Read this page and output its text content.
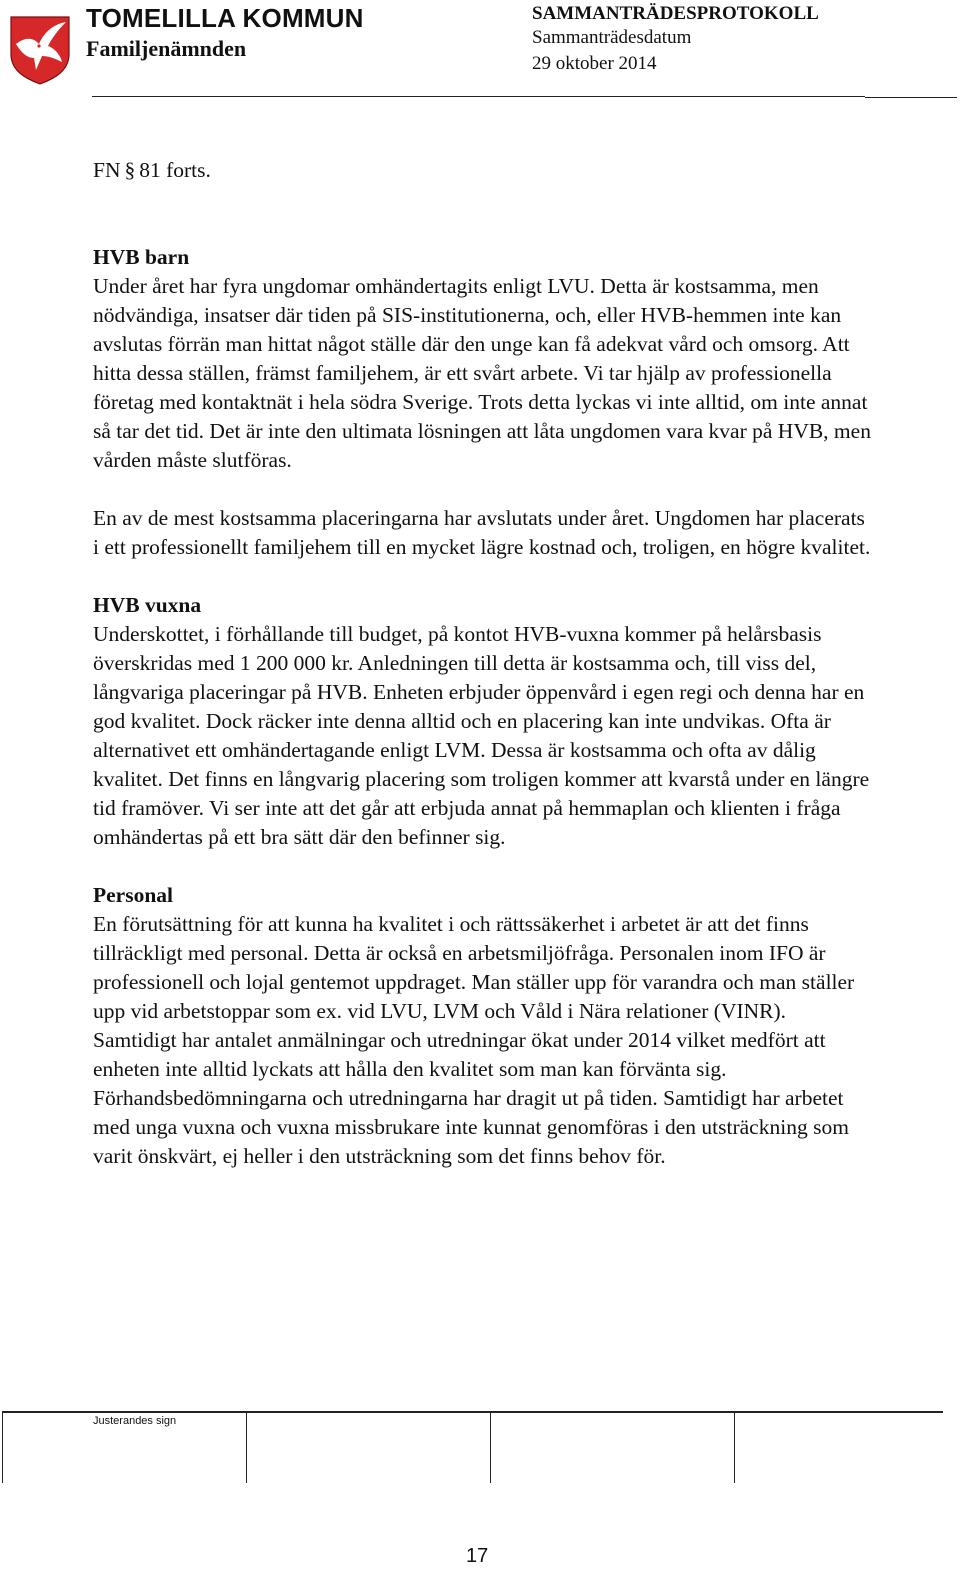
TOMELILLA KOMMUN
Familjenämnden
SAMMANTRÄDESPROTOKOLL
Sammanträdesdatum
29 oktober 2014

FN § 81 forts.

HVB barn

Under året har fyra ungdomar omhändertagits enligt LVU. Detta är kostsamma, men nödvändiga, insatser där tiden på SIS-institutionerna, och, eller HVB-hemmen inte kan avslutas förrän man hittat något ställe där den unge kan få adekvat vård och omsorg. Att hitta dessa ställen, främst familjehem, är ett svårt arbete. Vi tar hjälp av professionella företag med kontaktnät i hela södra Sverige. Trots detta lyckas vi inte alltid, om inte annat så tar det tid. Det är inte den ultimata lösningen att låta ungdomen vara kvar på HVB, men vården måste slutföras.

En av de mest kostsamma placeringarna har avslutats under året. Ungdomen har placerats i ett professionellt familjehem till en mycket lägre kostnad och, troligen, en högre kvalitet.

HVB vuxna

Underskottet, i förhållande till budget, på kontot HVB-vuxna kommer på helårsbasis överskridas med 1 200 000 kr. Anledningen till detta är kostsamma och, till viss del, långvariga placeringar på HVB. Enheten erbjuder öppenvård i egen regi och denna har en god kvalitet. Dock räcker inte denna alltid och en placering kan inte undvikas. Ofta är alternativet ett omhändertagande enligt LVM. Dessa är kostsamma och ofta av dålig kvalitet. Det finns en långvarig placering som troligen kommer att kvarstå under en längre tid framöver. Vi ser inte att det går att erbjuda annat på hemmaplan och klienten i fråga omhändertas på ett bra sätt där den befinner sig.

Personal

En förutsättning för att kunna ha kvalitet i och rättssäkerhet i arbetet är att det finns tillräckligt med personal. Detta är också en arbetsmiljöfråga. Personalen inom IFO är professionell och lojal gentemot uppdraget. Man ställer upp för varandra och man ställer upp vid arbetstoppar som ex. vid LVU, LVM och Våld i Nära relationer (VINR). Samtidigt har antalet anmälningar och utredningar ökat under 2014 vilket medfört att enheten inte alltid lyckats att hålla den kvalitet som man kan förvänta sig. Förhandsbedömningarna och utredningarna har dragit ut på tiden. Samtidigt har arbetet med unga vuxna och vuxna missbrukare inte kunnat genomföras i den utsträckning som varit önskvärt, ej heller i den utsträckning som det finns behov för.

Justerandes sign
17
